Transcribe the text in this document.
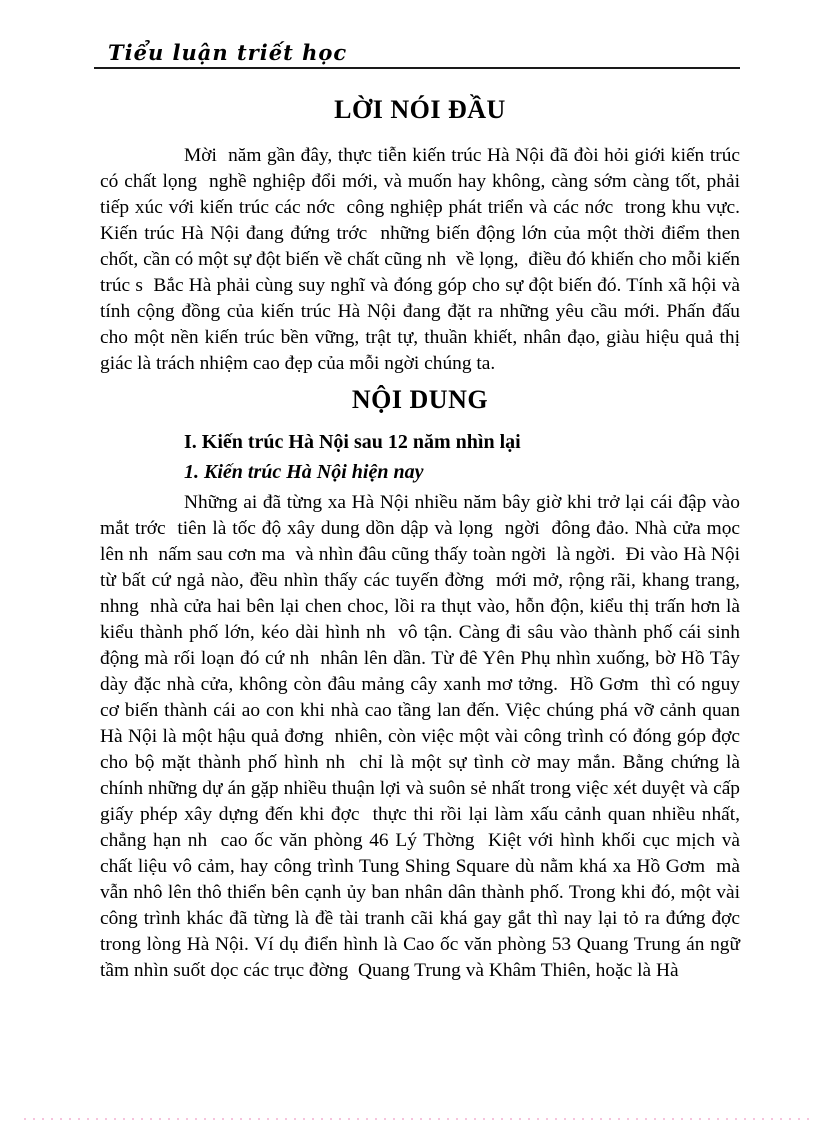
Tiểu luận triết học
LỜI NÓI ĐẦU
Mời  năm gần đây, thực tiễn kiến trúc Hà Nội đã đòi hỏi giới kiến trúc có chất lọng  nghề nghiệp đổi mới, và muốn hay không, càng sớm càng tốt, phải tiếp xúc với kiến trúc các nớc  công nghiệp phát triển và các nớc  trong khu vực. Kiến trúc Hà Nội đang đứng trớc  những biến động lớn của một thời điểm then chốt, cần có một sự đột biến về chất cũng nh  về lọng,  điều đó khiến cho mỗi kiến trúc s  Bắc Hà phải cùng suy nghĩ và đóng góp cho sự đột biến đó. Tính xã hội và tính cộng đồng của kiến trúc Hà Nội đang đặt ra những yêu cầu mới. Phấn đấu cho một nền kiến trúc bền vững, trật tự, thuần khiết, nhân đạo, giàu hiệu quả thị giác là trách nhiệm cao đẹp của mỗi ngời chúng ta.
NỘI DUNG
I. Kiến trúc Hà Nội sau 12 năm nhìn lại
1. Kiến trúc Hà Nội hiện nay
Những ai đã từng xa Hà Nội nhiều năm bây giờ khi trở lại cái đập vào mắt trớc  tiên là tốc độ xây dung dồn dập và lọng  ngời  đông đảo. Nhà cửa mọc lên nh  nấm sau cơn ma  và nhìn đâu cũng thấy toàn ngời  là ngời.  Đi vào Hà Nội từ bất cứ ngả nào, đều nhìn thấy các tuyến đờng  mới mở, rộng rãi, khang trang, nhng  nhà cửa hai bên lại chen choc, lồi ra thụt vào, hỗn độn, kiểu thị trấn hơn là kiểu thành phố lớn, kéo dài hình nh  vô tận. Càng đi sâu vào thành phố cái sinh động mà rối loạn đó cứ nh  nhân lên dần. Từ đê Yên Phụ nhìn xuống, bờ Hồ Tây dày đặc nhà cửa, không còn đâu mảng cây xanh mơ tởng.  Hồ Gơm  thì có nguy cơ biến thành cái ao con khi nhà cao tầng lan đến. Việc chúng phá vỡ cảnh quan Hà Nội là một hậu quả đơng  nhiên, còn việc một vài công trình có đóng góp đợc  cho bộ mặt thành phố hình nh  chỉ là một sự tình cờ may mắn. Bằng chứng là chính những dự án gặp nhiều thuận lợi và suôn sẻ nhất trong việc xét duyệt và cấp giấy phép xây dựng đến khi đợc  thực thi rồi lại làm xấu cảnh quan nhiều nhất, chẳng hạn nh  cao ốc văn phòng 46 Lý Thờng  Kiệt với hình khối cục mịch và chất liệu vô cảm, hay công trình Tung Shing Square dù nằm khá xa Hồ Gơm  mà vẫn nhô lên thô thiển bên cạnh ủy ban nhân dân thành phố. Trong khi đó, một vài công trình khác đã từng là đề tài tranh cãi khá gay gắt thì nay lại tỏ ra đứng đợc  trong lòng Hà Nội. Ví dụ điển hình là Cao ốc văn phòng 53 Quang Trung án ngữ tầm nhìn suốt dọc các trục đờng  Quang Trung và Khâm Thiên, hoặc là Hà
